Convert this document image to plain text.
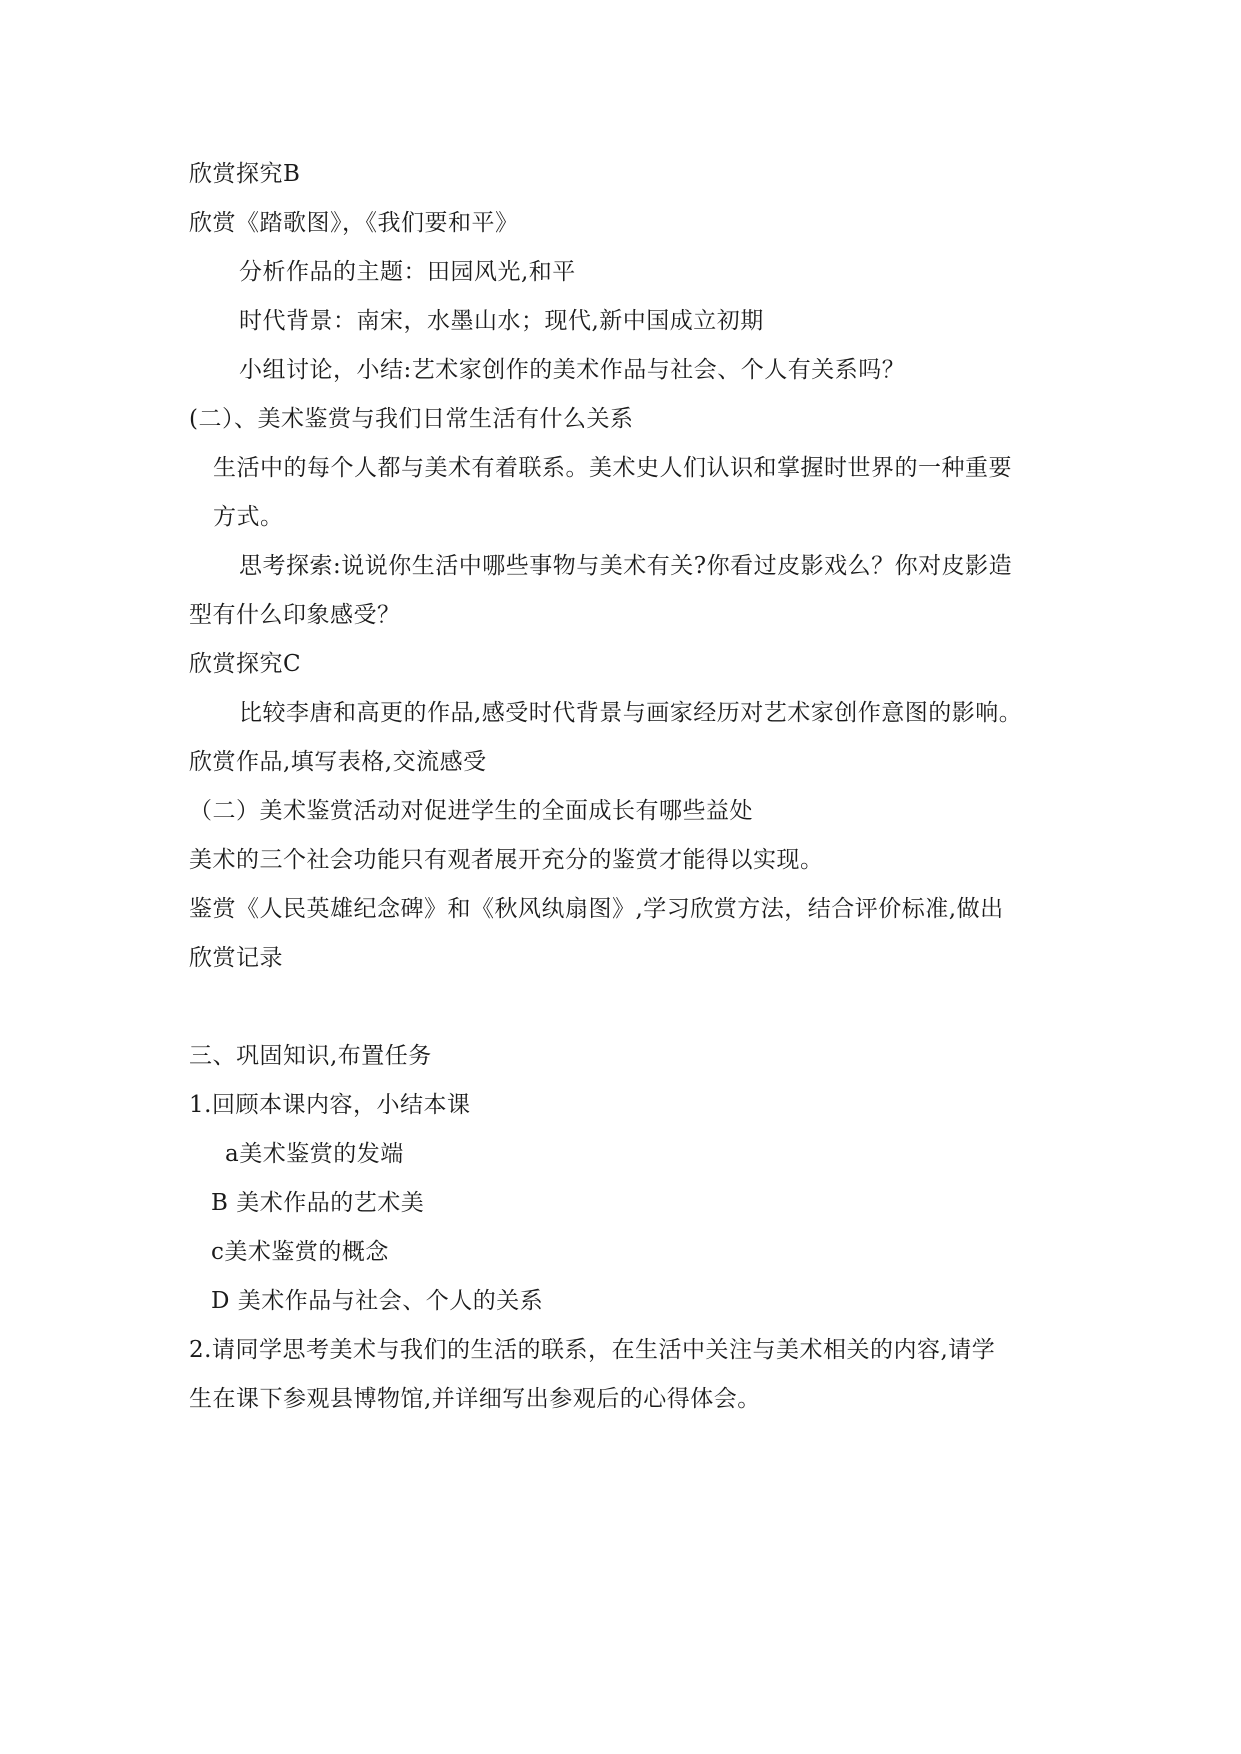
欣赏探究B
欣赏《踏歌图》，《我们要和平》
分析作品的主题：田园风光,和平
时代背景：南宋，水墨山水；现代,新中国成立初期
小组讨论，小结:艺术家创作的美术作品与社会、个人有关系吗？
(二）、美术鉴赏与我们日常生活有什么关系
生活中的每个人都与美术有着联系。美术史人们认识和掌握时世界的一种重要
方式。
思考探索:说说你生活中哪些事物与美术有关?你看过皮影戏么？你对皮影造
型有什么印象感受？
欣赏探究C
比较李唐和高更的作品,感受时代背景与画家经历对艺术家创作意图的影响。
欣赏作品,填写表格,交流感受
（二）美术鉴赏活动对促进学生的全面成长有哪些益处
美术的三个社会功能只有观者展开充分的鉴赏才能得以实现。
鉴赏《人民英雄纪念碑》和《秋风纨扇图》,学习欣赏方法，结合评价标准,做出
欣赏记录
三、巩固知识,布置任务
1.回顾本课内容，小结本课
a美术鉴赏的发端
B 美术作品的艺术美
c美术鉴赏的概念
D 美术作品与社会、个人的关系
2.请同学思考美术与我们的生活的联系，在生活中关注与美术相关的内容,请学
生在课下参观县博物馆,并详细写出参观后的心得体会。
